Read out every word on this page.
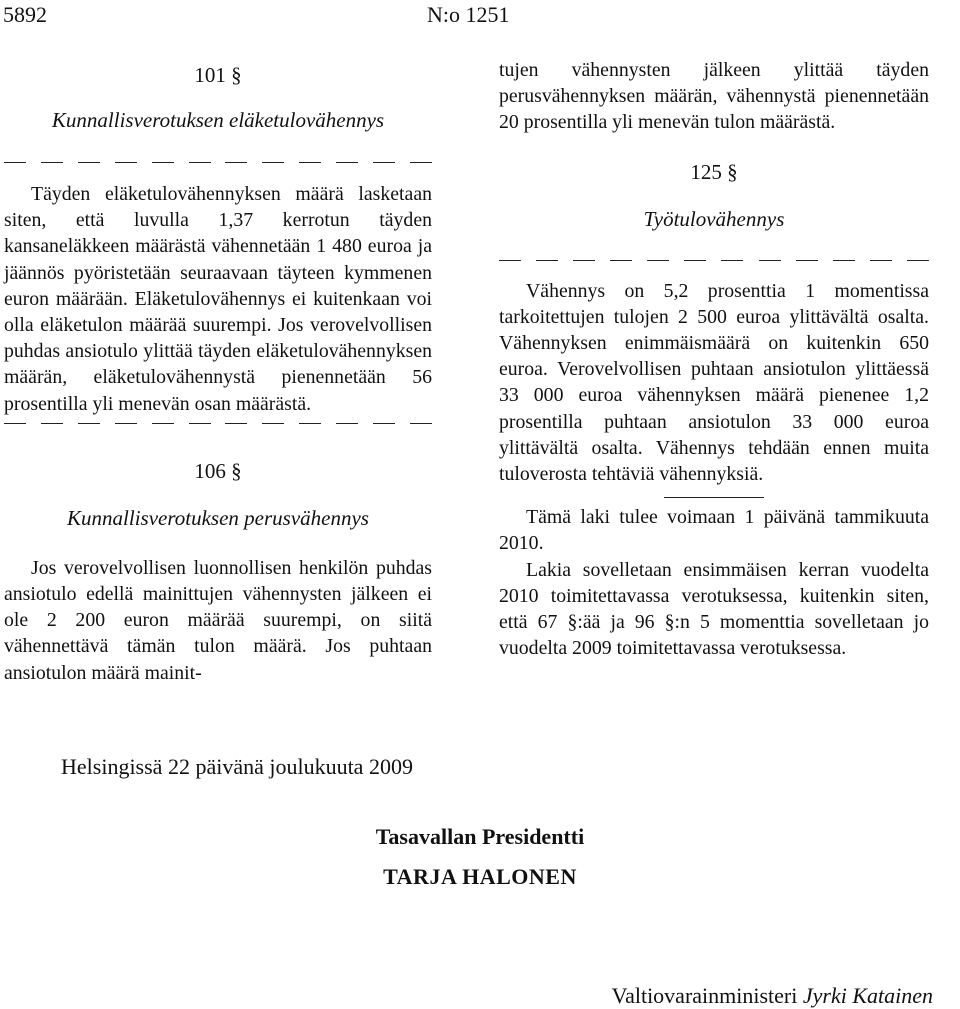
5892	N:o 1251
101 §
Kunnallisverotuksen eläketulovähennys

Täyden eläketulovähennyksen määrä lasketaan siten, että luvulla 1,37 kerrotun täyden kansaneläkkeen määrästä vähennetään 1 480 euroa ja jäännös pyöristetään seuraavaan täyteen kymmenen euron määrään. Eläketulovähennys ei kuitenkaan voi olla eläketulon määrää suurempi. Jos verovelvollisen puhdas ansiotulo ylittää täyden eläketulovähennyksen määrän, eläketulovähennystä pienennetään 56 prosentilla yli menevän osan määrästä.

106 §
Kunnallisverotuksen perusvähennys

Jos verovelvollisen luonnollisen henkilön puhdas ansiotulo edellä mainittujen vähennysten jälkeen ei ole 2 200 euron määrää suurempi, on siitä vähennettävä tämän tulon määrä. Jos puhtaan ansiotulon määrä mainit-

tujen vähennysten jälkeen ylittää täyden perusvähennyksen määrän, vähennystä pienennetään 20 prosentilla yli menevän tulon määrästä.

125 §
Työtulovähennys

Vähennys on 5,2 prosenttia 1 momentissa tarkoitettujen tulojen 2 500 euroa ylittävältä osalta. Vähennyksen enimmäismäärä on kuitenkin 650 euroa. Verovelvollisen puhtaan ansiotulon ylittäessä 33 000 euroa vähennyksen määrä pienenee 1,2 prosentilla puhtaan ansiotulon 33 000 euroa ylittävältä osalta. Vähennys tehdään ennen muita tuloverosta tehtäviä vähennyksiä.

Tämä laki tulee voimaan 1 päivänä tammikuuta 2010.

Lakia sovelletaan ensimmäisen kerran vuodelta 2010 toimitettavassa verotuksessa, kuitenkin siten, että 67 §:ää ja 96 §:n 5 momenttia sovelletaan jo vuodelta 2009 toimitettavassa verotuksessa.

Helsingissä 22 päivänä joulukuuta 2009
Tasavallan Presidentti
TARJA HALONEN
Valtiovarainministeri Jyrki Katainen
